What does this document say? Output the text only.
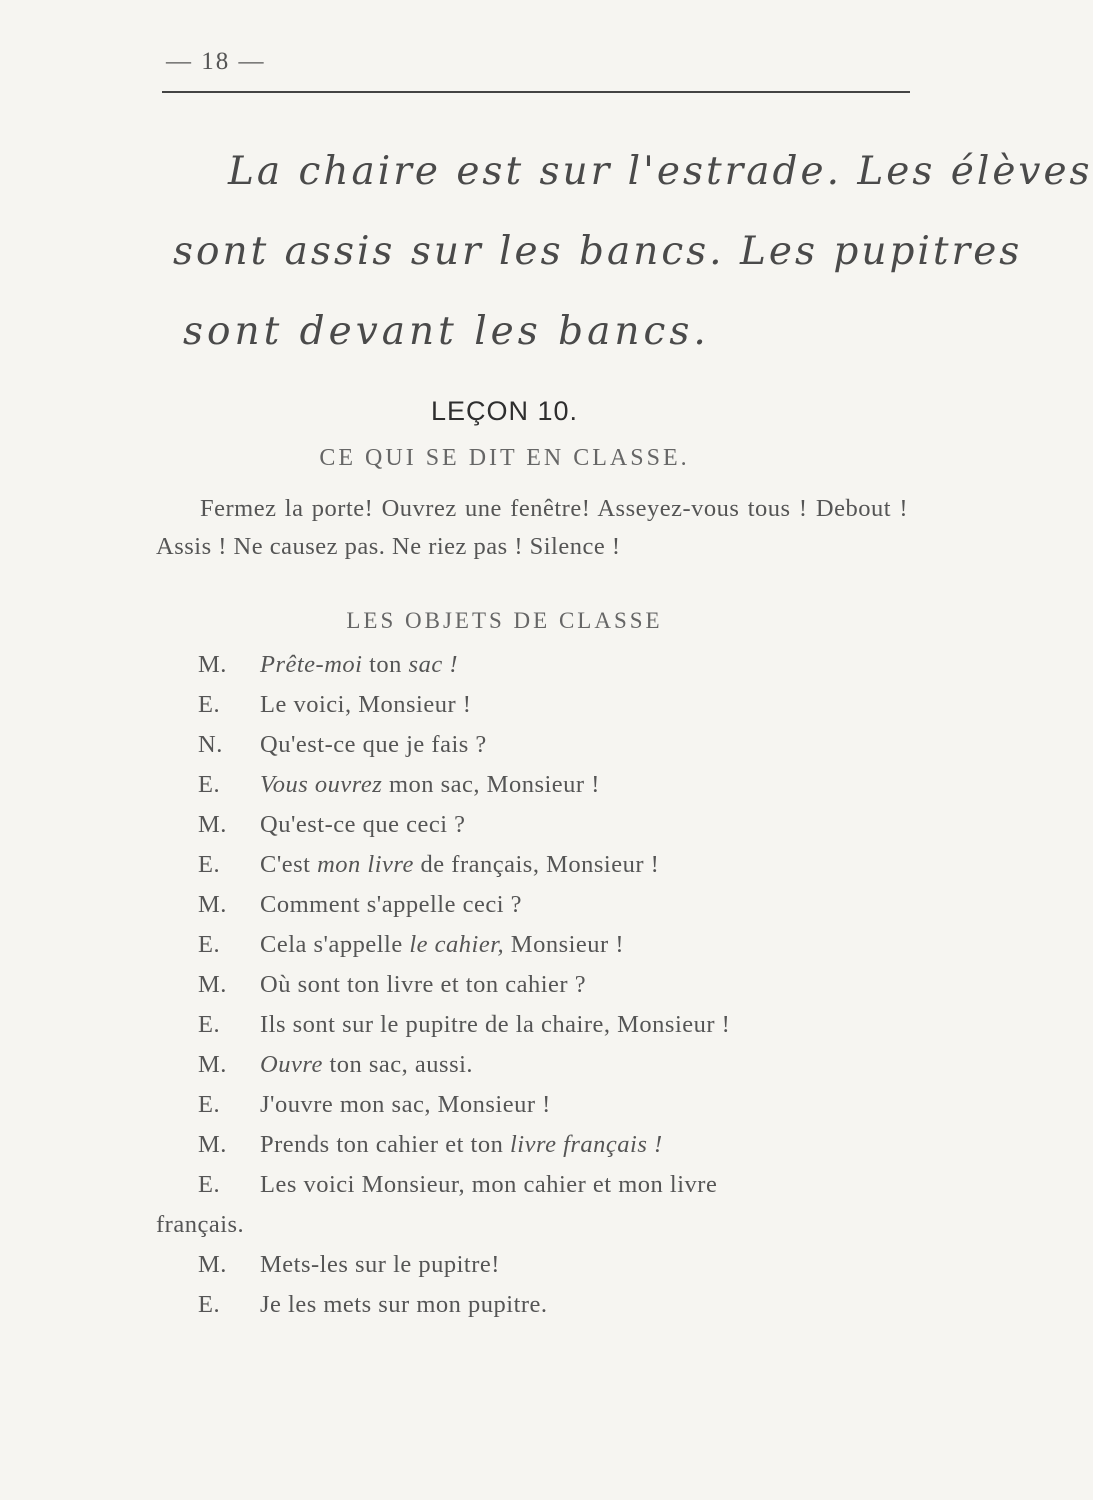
— 18 —
La chaire est sur l'estrade. Les élèves
sont assis sur les bancs. Les pupitres
sont devant les bancs.
LEÇON 10.
CE QUI SE DIT EN CLASSE.

Fermez la porte! Ouvrez une fenêtre! Asseyez-vous tous ! Debout ! Assis ! Ne causez pas. Ne riez pas ! Silence !

LES OBJETS DE CLASSE
M. Prête-moi ton sac !
E. Le voici, Monsieur !
N. Qu'est-ce que je fais ?
E. Vous ouvrez mon sac, Monsieur !
M. Qu'est-ce que ceci ?
E. C'est mon livre de français, Monsieur !
M. Comment s'appelle ceci ?
E. Cela s'appelle le cahier, Monsieur !
M. Où sont ton livre et ton cahier ?
E. Ils sont sur le pupitre de la chaire, Monsieur !
M. Ouvre ton sac, aussi.
E. J'ouvre mon sac, Monsieur !
M. Prends ton cahier et ton livre français !
E. Les voici Monsieur, mon cahier et mon livre
français.
M. Mets-les sur le pupitre!
E. Je les mets sur mon pupitre.
